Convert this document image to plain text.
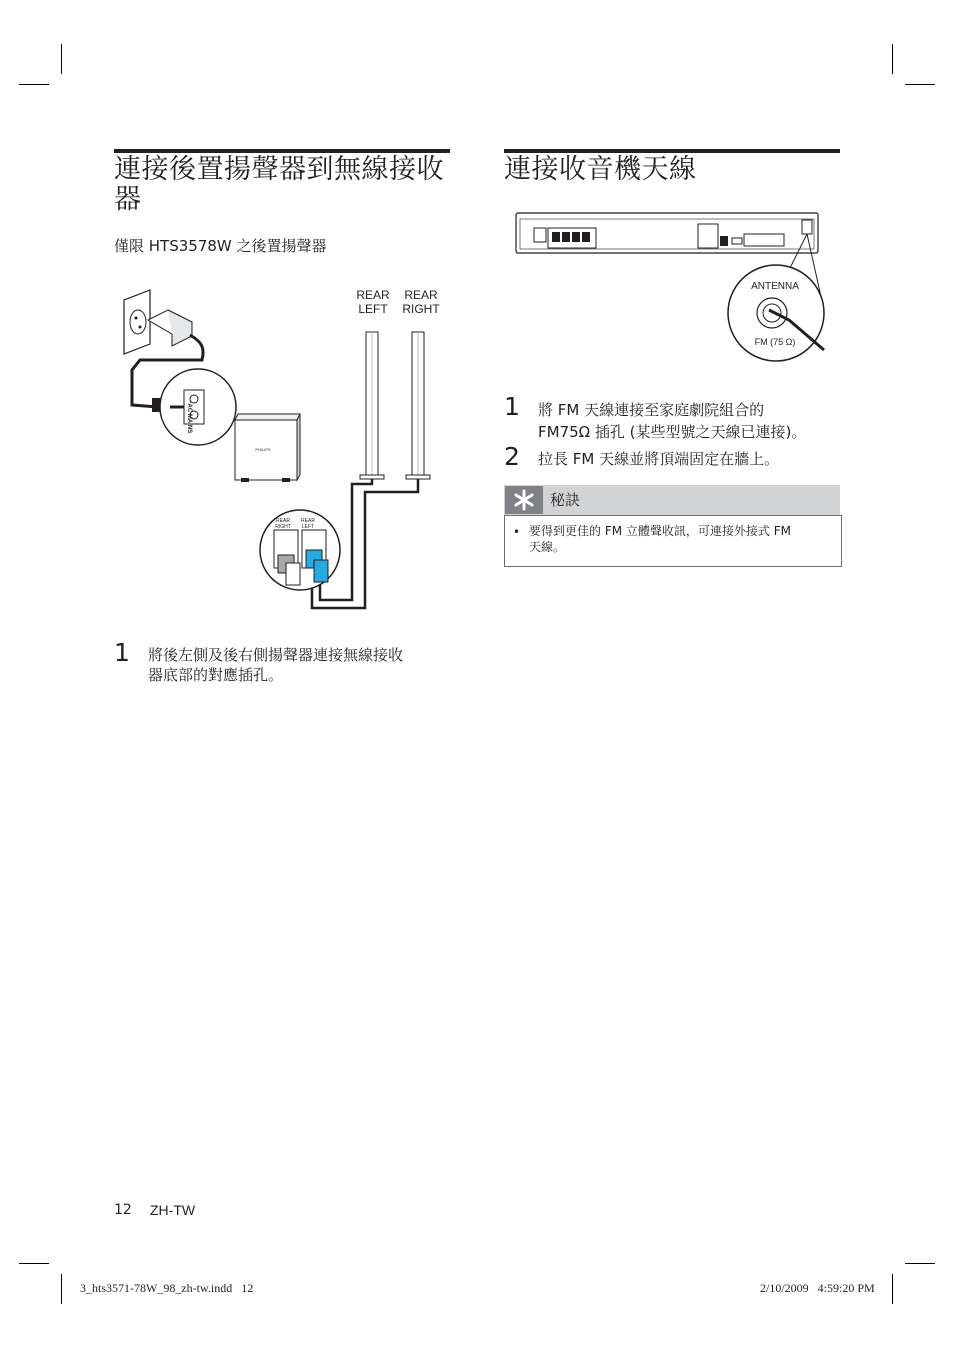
連接後置揚聲器到無線接收
器
僅限 HTS3578W 之後置揚聲器
~AC MAINS
REAR
LEFT
REAR
RIGHT
PHILIPS
REAR
RIGHT
REAR
LEFT
1 將後左側及後右側揚聲器連接無線接收
器底部的對應插孔。
連接收音機天線
ANTENNA
FM (75 Ω)
1 將 FM 天線連接至家庭劇院組合的
FM75Ω 插孔 (某些型號之天線已連接)。
2 拉長 FM 天線並將頂端固定在牆上。
秘訣
• 要得到更佳的 FM 立體聲收訊，可連接外接式 FM
天線。
12 ZH-TW
3_hts3571-78W_98_zh-tw.indd   12	2/10/2009   4:59:20 PM
